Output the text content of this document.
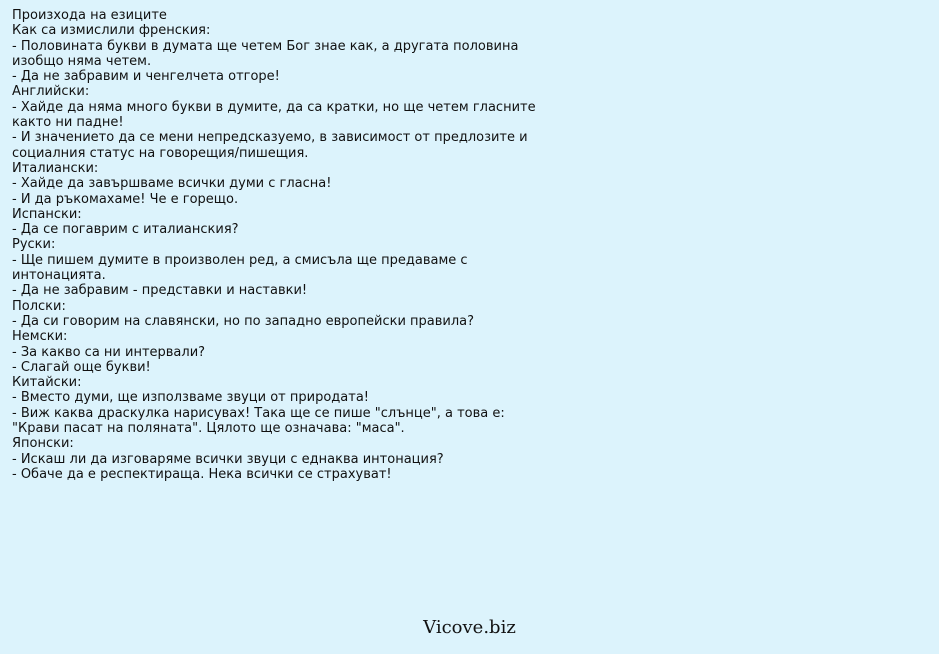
Произхода на езиците
Как са измислили френския:
- Половината букви в думата ще четем Бог знае как, а другата половина изобщо няма четем.
- Да не забравим и ченгелчета отгоре!
Английски:
- Хайде да няма много букви в думите, да са кратки, но ще четем гласните както ни падне!
- И значението да се мени непредсказуемо, в зависимост от предлозите и социалния статус на говорещия/пишещия.
Италиански:
- Хайде да завършваме всички думи с гласна!
- И да ръкомахаме! Че е горещо.
Испански:
- Да се погаврим с италианския?
Руски:
- Ще пишем думите в произволен ред, а смисъла ще предаваме с интонацията.
- Да не забравим - представки и наставки!
Полски:
- Да си говорим на славянски, но по западно европейски правила?
Немски:
- За какво са ни интервали?
- Слагай още букви!
Китайски:
- Вместо думи, ще използваме звуци от природата!
- Виж каква драскулка нарисувах! Така ще се пише "слънце", а това е: "Крави пасат на поляната". Цялото ще означава: "маса".
Японски:
- Искаш ли да изговаряме всички звуци с еднаква интонация?
- Обаче да е респектираща. Нека всички се страхуват!
Vicove.biz
